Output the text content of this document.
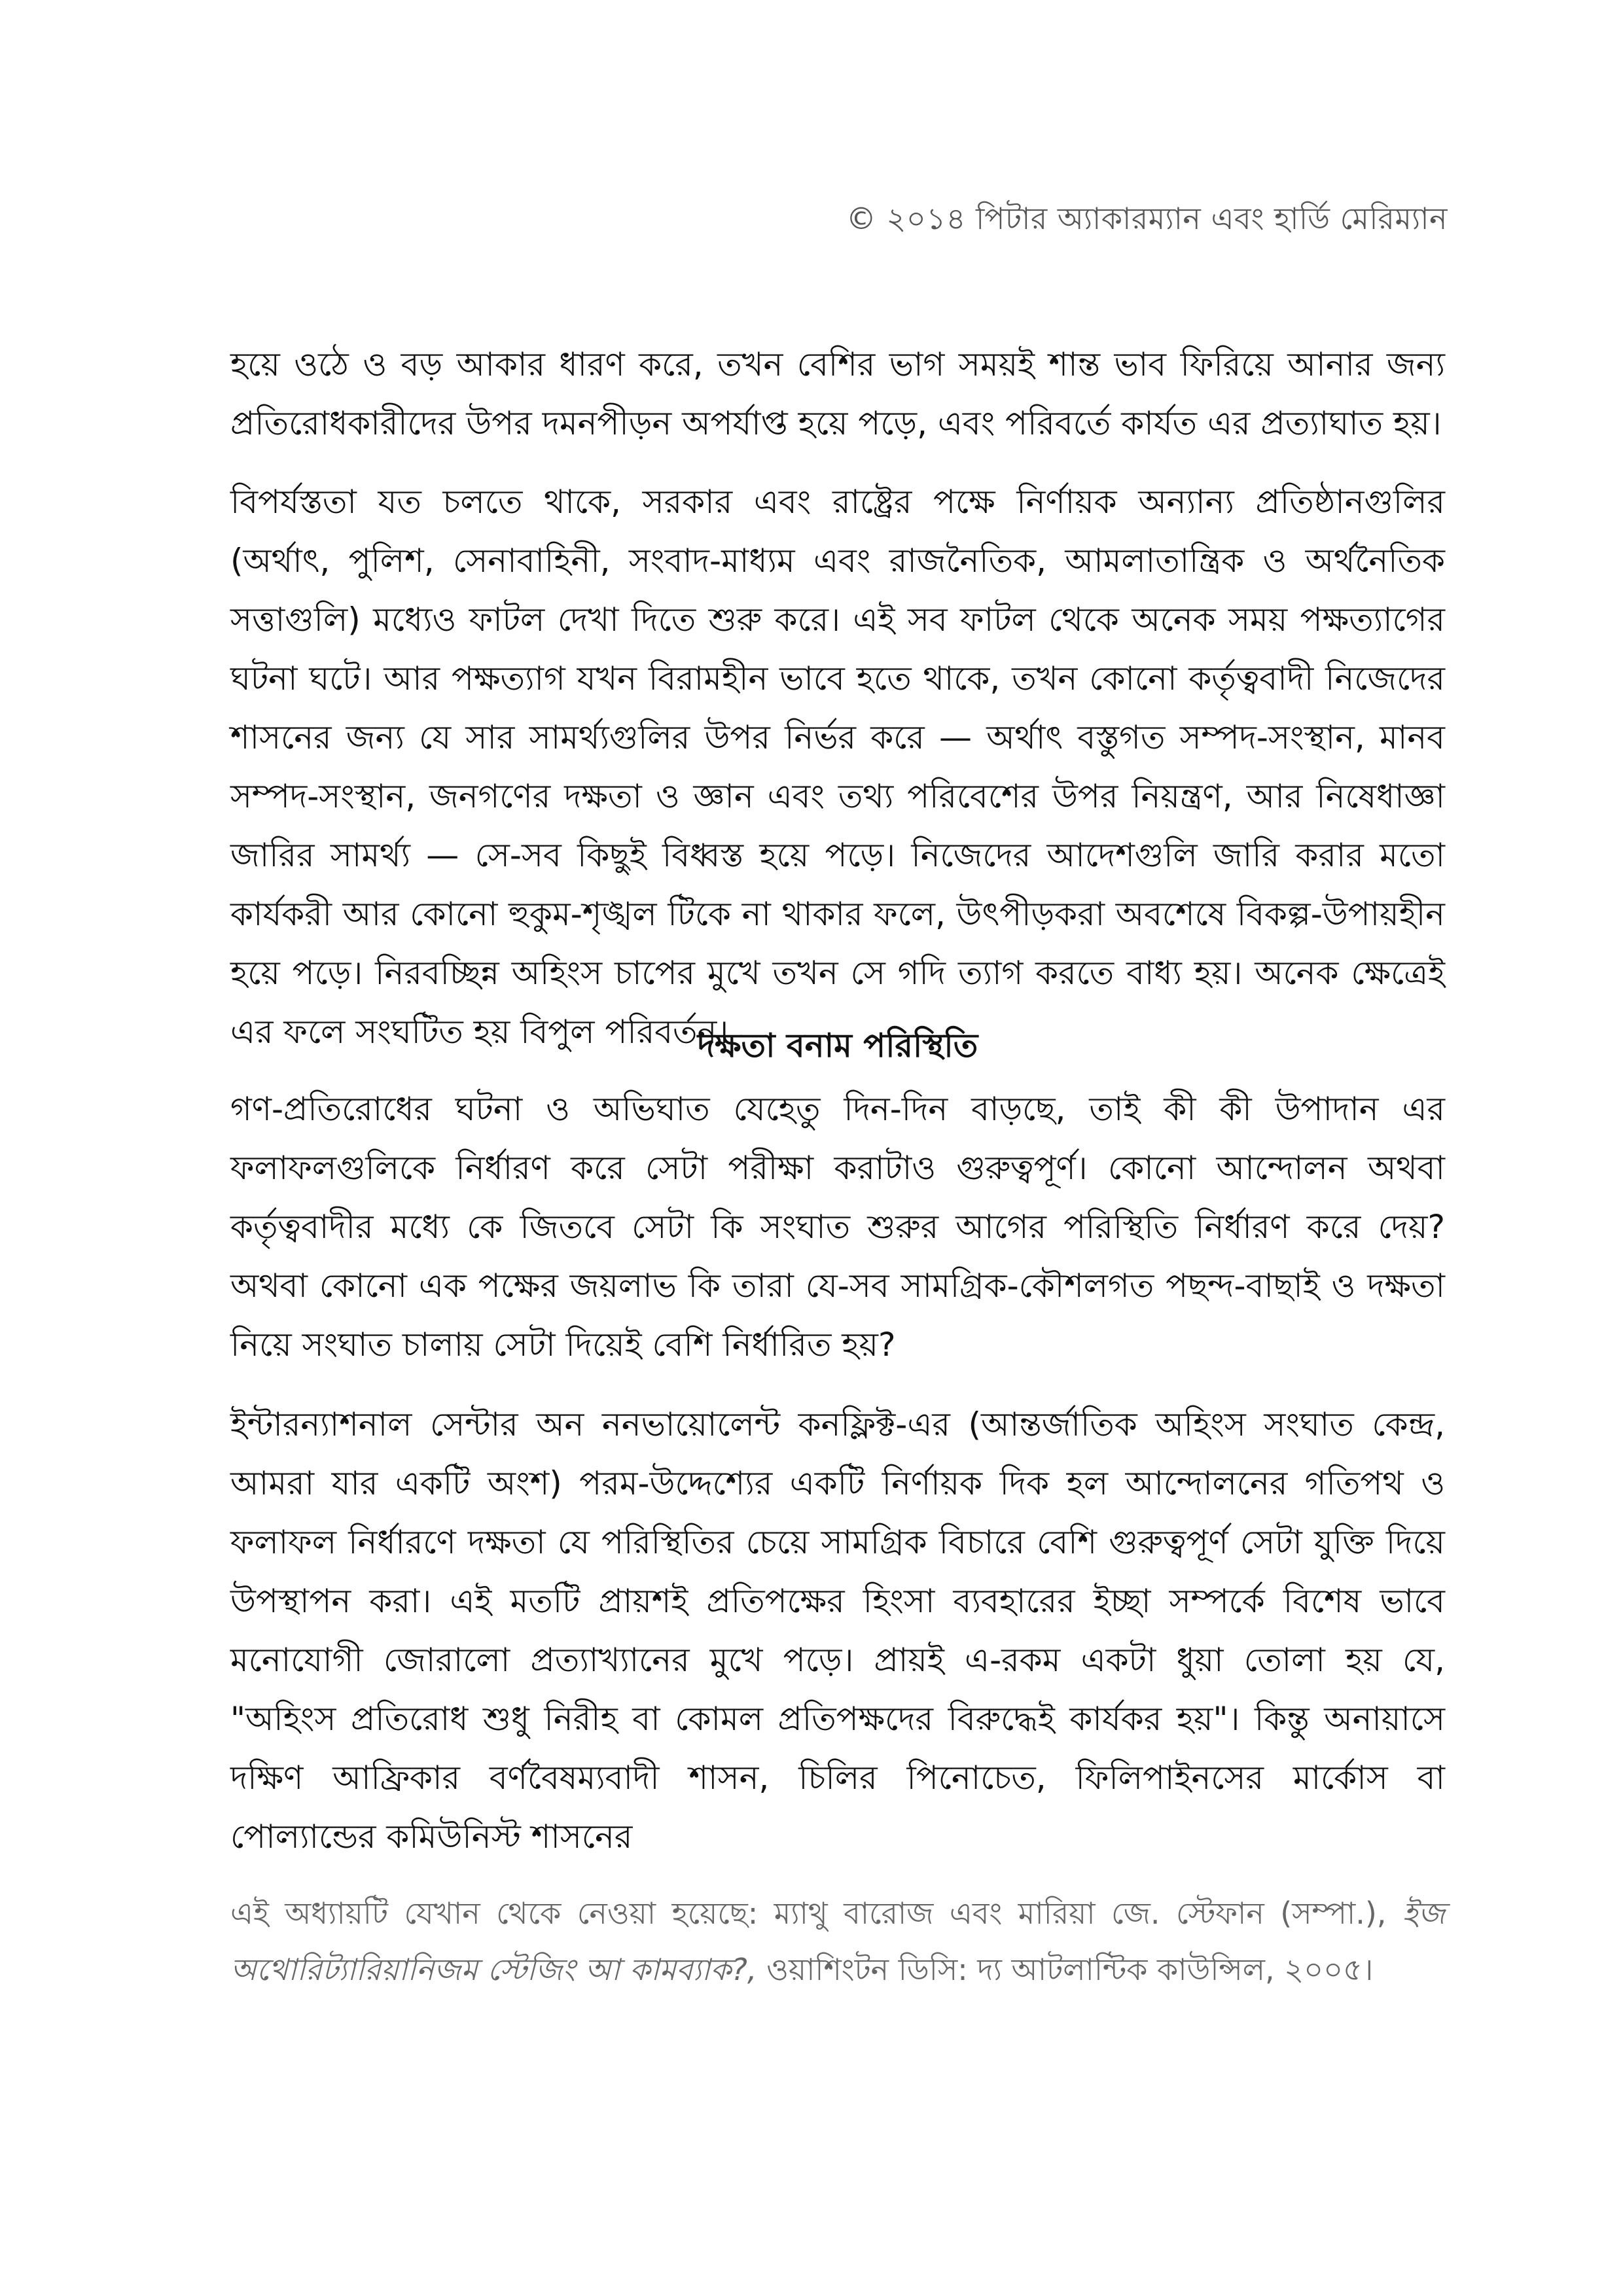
© ২০১৪ পিটার অ্যাকারম্যান এবং হার্ডি মেরিম্যান

হয়ে ওঠে ও বড় আকার ধারণ করে, তখন বেশির ভাগ সময়ই শান্ত ভাব ফিরিয়ে আনার জন্য প্রতিরোধকারীদের উপর দমনপীড়ন অপর্যাপ্ত হয়ে পড়ে, এবং পরিবর্তে কার্যত এর প্রত্যাঘাত হয়।

বিপর্যস্ততা যত চলতে থাকে, সরকার এবং রাষ্ট্রের পক্ষে নির্ণায়ক অন্যান্য প্রতিষ্ঠানগুলির (অর্থাৎ, পুলিশ, সেনাবাহিনী, সংবাদ-মাধ্যম এবং রাজনৈতিক, আমলাতান্ত্রিক ও অর্থনৈতিক সত্তাগুলি) মধ্যেও ফাটল দেখা দিতে শুরু করে। এই সব ফাটল থেকে অনেক সময় পক্ষত্যাগের ঘটনা ঘটে। আর পক্ষত্যাগ যখন বিরামহীন ভাবে হতে থাকে, তখন কোনো কর্তৃত্ববাদী নিজেদের শাসনের জন্য যে সার সামর্থ্যগুলির উপর নির্ভর করে — অর্থাৎ বস্তুগত সম্পদ-সংস্থান, মানব সম্পদ-সংস্থান, জনগণের দক্ষতা ও জ্ঞান এবং তথ্য পরিবেশের উপর নিয়ন্ত্রণ, আর নিষেধাজ্ঞা জারির সামর্থ্য — সে-সব কিছুই বিধ্বস্ত হয়ে পড়ে। নিজেদের আদেশগুলি জারি করার মতো কার্যকরী আর কোনো হুকুম-শৃঙ্খল টিকে না থাকার ফলে, উৎপীড়করা অবশেষে বিকল্প-উপায়হীন হয়ে পড়ে। নিরবচ্ছিন্ন অহিংস চাপের মুখে তখন সে গদি ত্যাগ করতে বাধ্য হয়। অনেক ক্ষেত্রেই এর ফলে সংঘটিত হয় বিপুল পরিবর্তন।

দক্ষতা বনাম পরিস্থিতি

গণ-প্রতিরোধের ঘটনা ও অভিঘাত যেহেতু দিন-দিন বাড়ছে, তাই কী কী উপাদান এর ফলাফলগুলিকে নির্ধারণ করে সেটা পরীক্ষা করাটাও গুরুত্বপূর্ণ। কোনো আন্দোলন অথবা কর্তৃত্ববাদীর মধ্যে কে জিতবে সেটা কি সংঘাত শুরুর আগের পরিস্থিতি নির্ধারণ করে দেয়? অথবা কোনো এক পক্ষের জয়লাভ কি তারা যে-সব সামগ্রিক-কৌশলগত পছন্দ-বাছাই ও দক্ষতা নিয়ে সংঘাত চালায় সেটা দিয়েই বেশি নির্ধারিত হয়?

ইন্টারন্যাশনাল সেন্টার অন ননভায়োলেন্ট কনফ্লিক্ট-এর (আন্তর্জাতিক অহিংস সংঘাত কেন্দ্র, আমরা যার একটি অংশ) পরম-উদ্দেশ্যের একটি নির্ণায়ক দিক হল আন্দোলনের গতিপথ ও ফলাফল নির্ধারণে দক্ষতা যে পরিস্থিতির চেয়ে সামগ্রিক বিচারে বেশি গুরুত্বপূর্ণ সেটা যুক্তি দিয়ে উপস্থাপন করা। এই মতটি প্রায়শই প্রতিপক্ষের হিংসা ব্যবহারের ইচ্ছা সম্পর্কে বিশেষ ভাবে মনোযোগী জোরালো প্রত্যাখ্যানের মুখে পড়ে। প্রায়ই এ-রকম একটা ধুয়া তোলা হয় যে, "অহিংস প্রতিরোধ শুধু নিরীহ বা কোমল প্রতিপক্ষদের বিরুদ্ধেই কার্যকর হয়"। কিন্তু অনায়াসে দক্ষিণ আফ্রিকার বর্ণবৈষম্যবাদী শাসন, চিলির পিনোচেত, ফিলিপাইনসের মার্কোস বা পোল্যান্ডের কমিউনিস্ট শাসনের

এই অধ্যায়টি যেখান থেকে নেওয়া হয়েছে: ম্যাথু বারোজ এবং মারিয়া জে. স্টেফান (সম্পা.), ইজ অথোরিট্যারিয়ানিজম স্টেজিং আ কামব্যাক?, ওয়াশিংটন ডিসি: দ্য আটলান্টিক কাউন্সিল, ২০০৫।
